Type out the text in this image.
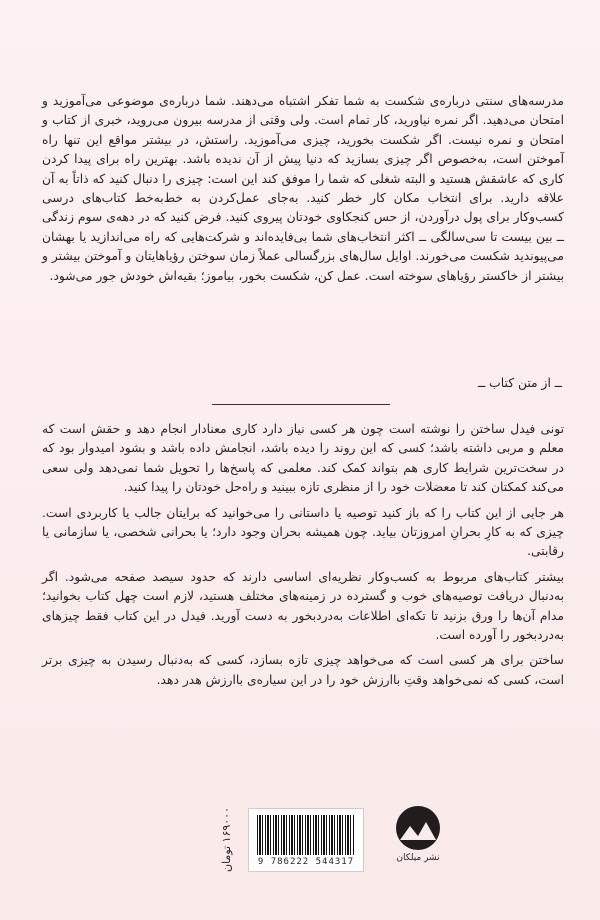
مدرسه‌های سنتی درباره‌ی شکست به شما تفکر اشتباه می‌دهند. شما درباره‌ی موضوعی می‌آموزید و امتحان می‌دهید. اگر نمره نیاورید، کار تمام است. ولی وقتی از مدرسه بیرون می‌روید، خبری از کتاب و امتحان و نمره نیست. اگر شکست بخورید، چیزی می‌آموزید. راستش، در بیشتر مواقع این تنها راه آموختن است، به‌خصوص اگر چیزی بسازید که دنیا پیش از آن ندیده باشد. بهترین راه برای پیدا کردن کاری که عاشقش هستید و البته شغلی که شما را موفق کند این است: چیزی را دنبال کنید که ذاتاً به آن علاقه دارید. برای انتخاب مکان کار خطر کنید. به‌جای عمل‌کردن به خط‌به‌خط کتاب‌های درسی کسب‌وکار برای پول درآوردن، از حس کنجکاوی خودتان پیروی کنید. فرض کنید که در دهه‌ی سوم زندگی ــ بین بیست تا سی‌سالگی ــ اکثر انتخاب‌های شما بی‌فایده‌اند و شرکت‌هایی که راه می‌اندازید یا بهشان می‌پیوندید شکست می‌خورند. اوایل سال‌های بزرگسالی عملاً زمان سوختن رؤیاهایتان و آموختن بیشتر و بیشتر از خاکستر رؤیاهای سوخته است. عمل کن، شکست بخور، بیاموز؛ بقیه‌اش خودش جور می‌شود.

ــ از متن کتاب ــ

تونی فیدل ساختن را نوشته است چون هر کسی نیاز دارد کاری معنادار انجام دهد و حقش است که معلم و مربی داشته باشد؛ کسی که این روند را دیده باشد، انجامش داده باشد و بشود امیدوار بود که در سخت‌ترین شرایط کاری هم بتواند کمک کند. معلمی که پاسخ‌ها را تحویل شما نمی‌دهد ولی سعی می‌کند کمکتان کند تا معضلات خود را از منظری تازه ببینید و راه‌حل خودتان را پیدا کنید.

هر جایی از این کتاب را که باز کنید توصیه یا داستانی را می‌خوانید که برایتان جالب یا کاربردی است. چیزی که به کارِ بحرانِ امروزتان بیاید. چون همیشه بحران وجود دارد؛ یا بحرانی شخصی، یا سازمانی یا رقابتی.

بیشتر کتاب‌های مربوط به کسب‌وکار نظریه‌ای اساسی دارند که حدود سیصد صفحه می‌شود. اگر به‌دنبال دریافت توصیه‌های خوب و گسترده در زمینه‌های مختلف هستید، لازم است چهل کتاب بخوانید؛ مدام آن‌ها را ورق بزنید تا تکه‌ای اطلاعات به‌دردبخور به دست آورید. فیدل در این کتاب فقط چیزهای به‌دردبخور را آورده است.

ساختن برای هر کسی است که می‌خواهد چیزی تازه بسازد، کسی که به‌دنبال رسیدن به چیزی برتر است، کسی که نمی‌خواهد وقتِ باارزش خود را در این سیاره‌ی باارزش هدر دهد.

۱۶۹۰۰۰ تومان
9 786222 544317	نشر میلکان
